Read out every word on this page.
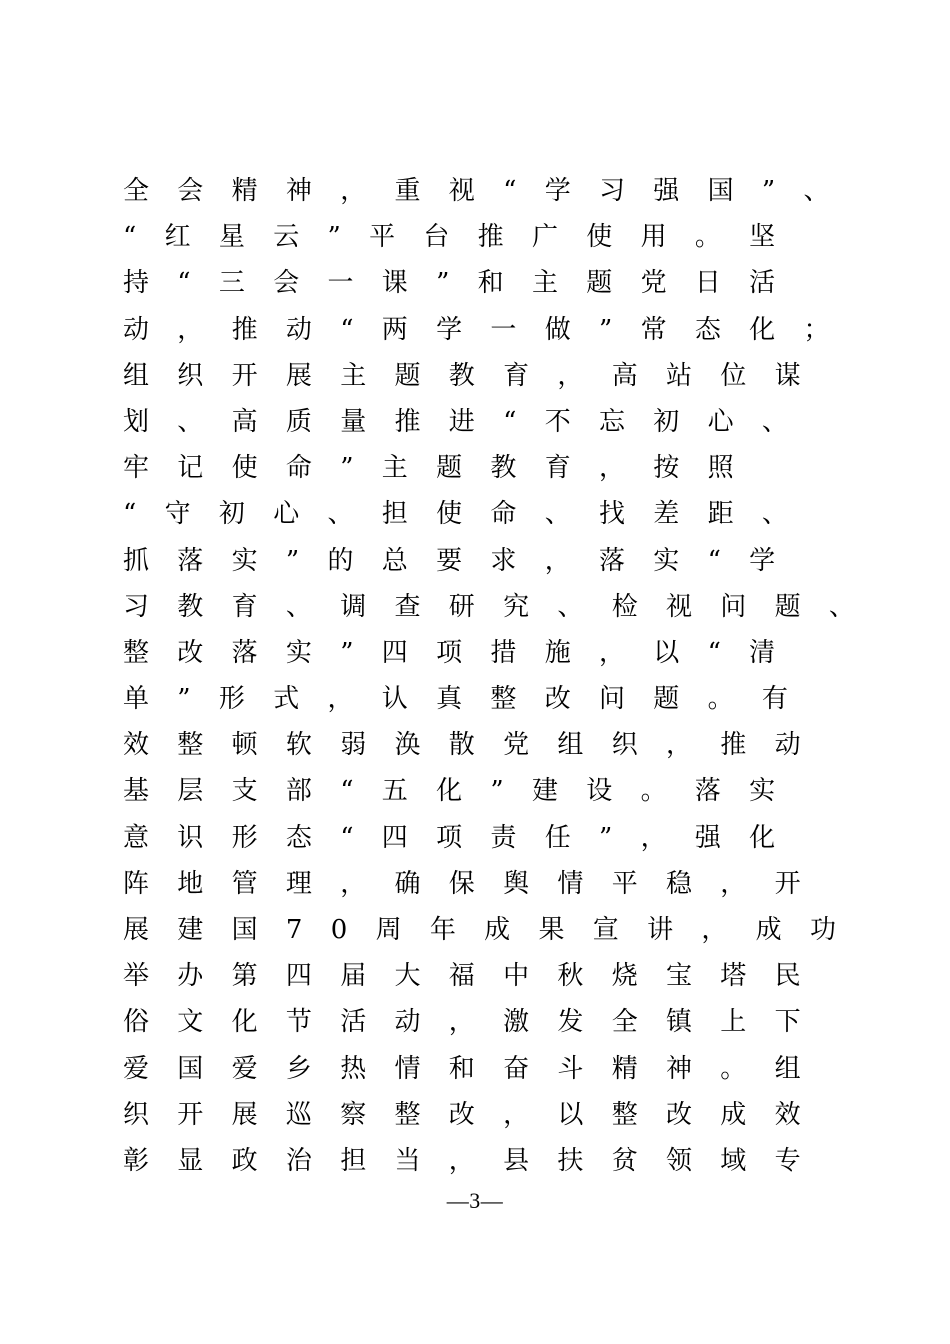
全会精神，重视“学习强国”、
“红星云”平台推广使用。坚
持“三会一课”和主题党日活
动，推动“两学一做”常态化；
组织开展主题教育，高站位谋
划、高质量推进“不忘初心、
牢记使命”主题教育，按照
“守初心、担使命、找差距、
抓落实”的总要求，落实“学
习教育、调查研究、检视问题、
整改落实”四项措施，以“清
单”形式，认真整改问题。有
效整顿软弱涣散党组织，推动
基层支部“五化”建设。落实
意识形态“四项责任”，强化
阵地管理，确保舆情平稳，开
展建国70周年成果宣讲，成功
举办第四届大福中秋烧宝塔民
俗文化节活动，激发全镇上下
爱国爱乡热情和奋斗精神。组
织开展巡察整改，以整改成效
彰显政治担当，县扶贫领域专
—3—
